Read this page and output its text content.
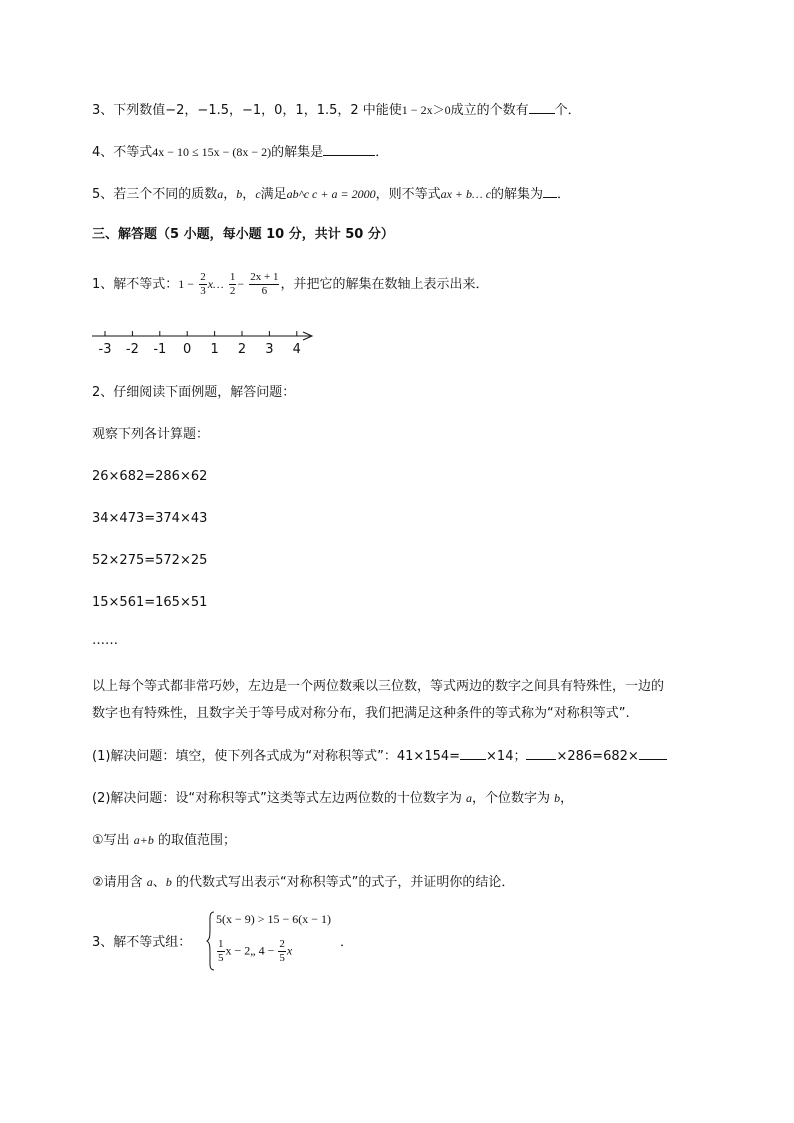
3、下列数值−2，−1.5，−1，0，1，1.5，2 中能使1 − 2x＞0成立的个数有 个．
4、不等式4x − 10 ≤ 15x − (8x − 2)的解集是	．
5、若三个不同的质数a，b，c满足ab^c c + a = 2000，则不等式ax + b… c的解集为 ．
三、解答题（5 小题，每小题 10 分，共计 50 分）
1、解不等式：$1 - \frac{2}{3}$ x… $\frac{1}{2} - \frac{2x + 1}{6}$ ，并把它的解集在数轴上表示出来．
-3 -2 -1 0 1 2 3 4
2、仔细阅读下面例题，解答问题：
观察下列各计算题：
26×682=286×62
34×473=374×43
52×275=572×25
15×561=165×51
……
以上每个等式都非常巧妙，左边是一个两位数乘以三位数，等式两边的数字之间具有特殊性，一边的
数字也有特殊性，且数字关于等号成对称分布，我们把满足这种条件的等式称为“对称积等式”.
(1)解决问题：填空，使下列各式成为“对称积等式”：41×154= ×14； ×286=682×
(2)解决问题：设“对称积等式”这类等式左边两位数的十位数字为 a，个位数字为 b，
①写出 a+b 的取值范围；
②请用含 a、b 的代数式写出表示“对称积等式”的式子，并证明你的结论．
3、解不等式组：
5(x − 9) > 15 − 6(x − 1)
$\frac{1}{5}$ x − 2„ $4 - \frac{2}{5}$ x
．
